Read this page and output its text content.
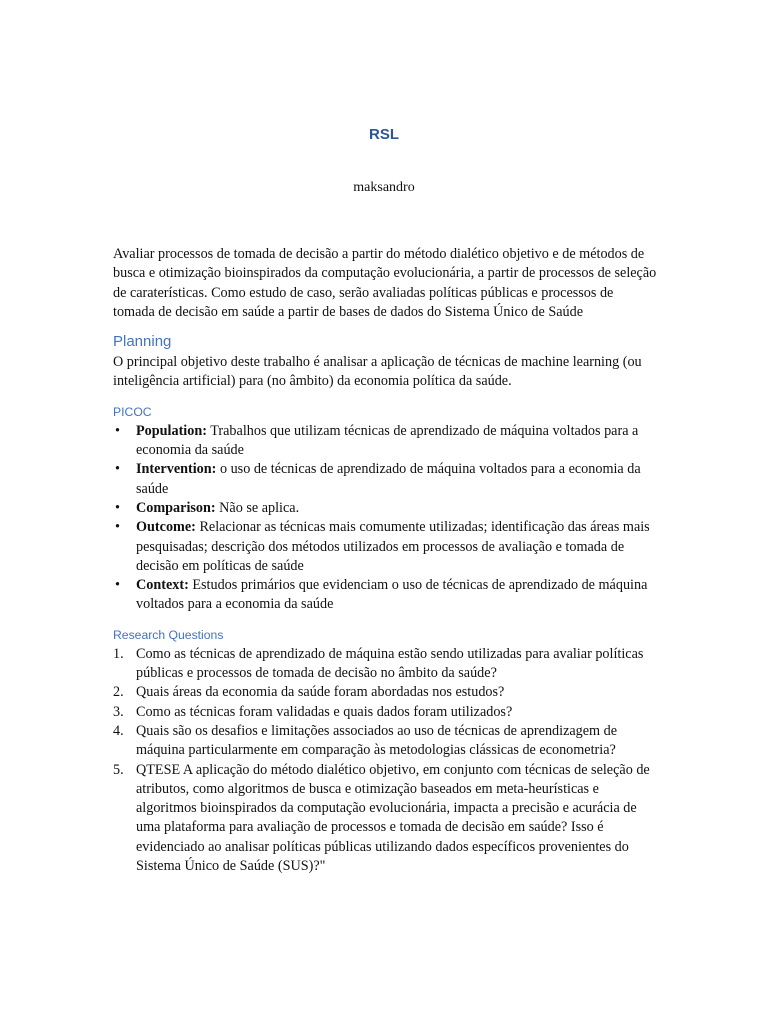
RSL
maksandro

Avaliar processos de tomada de decisão a partir do método dialético objetivo e de métodos de busca e otimização bioinspirados da computação evolucionária, a partir de processos de seleção de caraterísticas. Como estudo de caso, serão avaliadas políticas públicas e processos de tomada de decisão em saúde a partir de bases de dados do Sistema Único de Saúde

Planning

O principal objetivo deste trabalho é analisar a aplicação de técnicas de machine learning (ou inteligência artificial) para (no âmbito) da economia política da saúde.

PICOC
• Population: Trabalhos que utilizam técnicas de aprendizado de máquina voltados para a economia da saúde
• Intervention: o uso de técnicas de aprendizado de máquina voltados para a economia da saúde
• Comparison: Não se aplica.
• Outcome: Relacionar as técnicas mais comumente utilizadas; identificação das áreas mais pesquisadas; descrição dos métodos utilizados em processos de avaliação e tomada de decisão em políticas de saúde
• Context: Estudos primários que evidenciam o uso de técnicas de aprendizado de máquina voltados para a economia da saúde
Research Questions
1. Como as técnicas de aprendizado de máquina estão sendo utilizadas para avaliar políticas públicas e processos de tomada de decisão no âmbito da saúde?
2. Quais áreas da economia da saúde foram abordadas nos estudos?
3. Como as técnicas foram validadas e quais dados foram utilizados?
4. Quais são os desafios e limitações associados ao uso de técnicas de aprendizagem de máquina particularmente em comparação às metodologias clássicas de econometria?
5. QTESE A aplicação do método dialético objetivo, em conjunto com técnicas de seleção de atributos, como algoritmos de busca e otimização baseados em meta-heurísticas e algoritmos bioinspirados da computação evolucionária, impacta a precisão e acurácia de uma plataforma para avaliação de processos e tomada de decisão em saúde? Isso é evidenciado ao analisar políticas públicas utilizando dados específicos provenientes do Sistema Único de Saúde (SUS)?"
